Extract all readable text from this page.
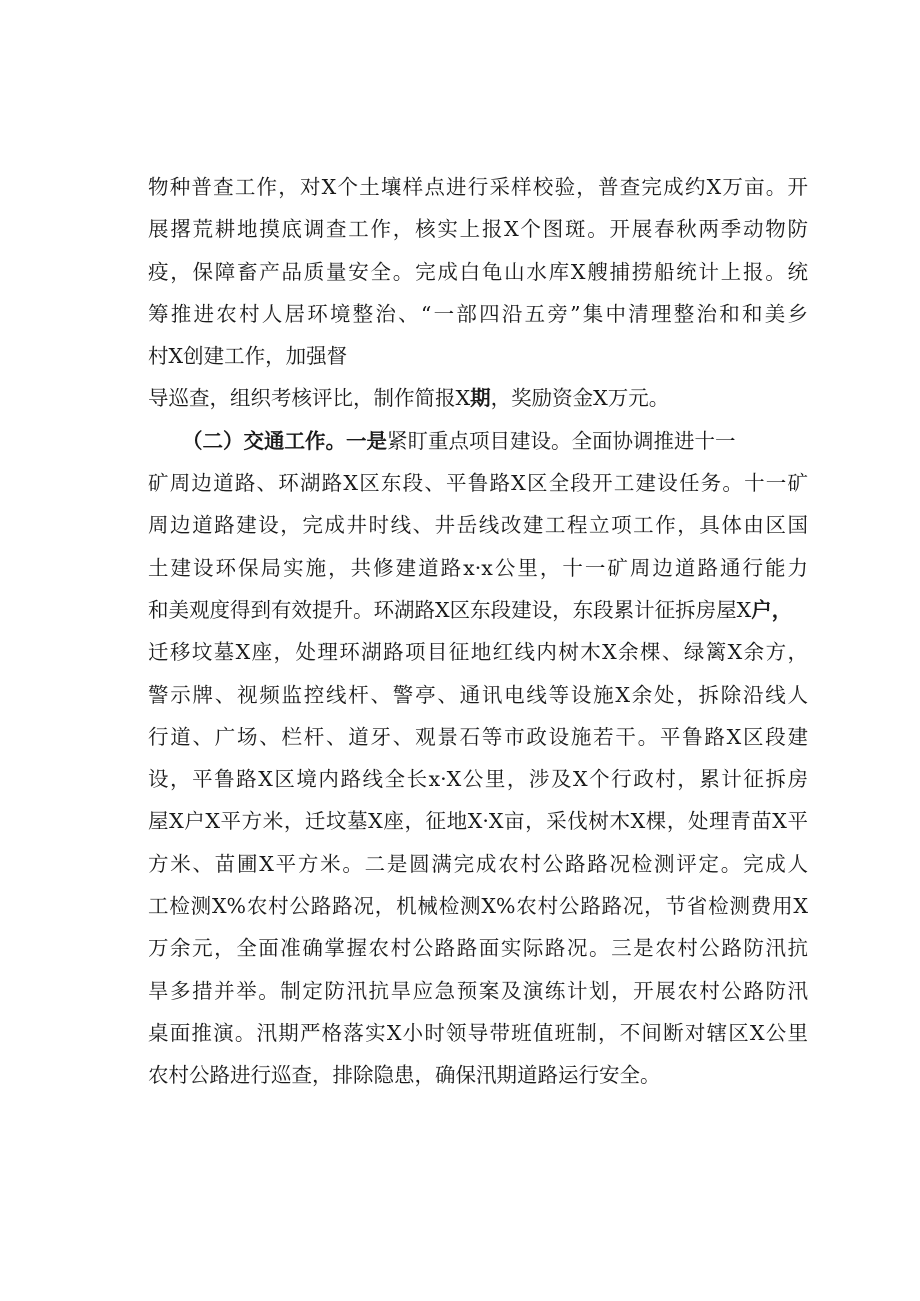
物种普查工作，对X个土壤样点进行采样校验，普查完成约X万亩。开
展撂荒耕地摸底调查工作，核实上报X个图斑。开展春秋两季动物防
疫，保障畜产品质量安全。完成白龟山水库X艘捕捞船统计上报。统
筹推进农村人居环境整治、“一部四沿五旁”集中清理整治和和美乡
村X创建工作，加强督
导巡查，组织考核评比，制作简报X期，奖励资金X万元。
（二）交通工作。一是紧盯重点项目建设。全面协调推进十一
矿周边道路、环湖路X区东段、平鲁路X区全段开工建设任务。十一矿
周边道路建设，完成井时线、井岳线改建工程立项工作，具体由区国
土建设环保局实施，共修建道路x·x公里，十一矿周边道路通行能力
和美观度得到有效提升。环湖路X区东段建设，东段累计征拆房屋X户，
迁移坟墓X座，处理环湖路项目征地红线内树木X余棵、绿篱X余方，
警示牌、视频监控线杆、警亭、通讯电线等设施X余处，拆除沿线人
行道、广场、栏杆、道牙、观景石等市政设施若干。平鲁路X区段建
设，平鲁路X区境内路线全长x·X公里，涉及X个行政村，累计征拆房
屋X户X平方米，迁坟墓X座，征地X·X亩，采伐树木X棵，处理青苗X平
方米、苗圃X平方米。二是圆满完成农村公路路况检测评定。完成人
工检测X%农村公路路况，机械检测X%农村公路路况，节省检测费用X
万余元，全面准确掌握农村公路路面实际路况。三是农村公路防汛抗
旱多措并举。制定防汛抗旱应急预案及演练计划，开展农村公路防汛
桌面推演。汛期严格落实X小时领导带班值班制，不间断对辖区X公里
农村公路进行巡查，排除隐患，确保汛期道路运行安全。
